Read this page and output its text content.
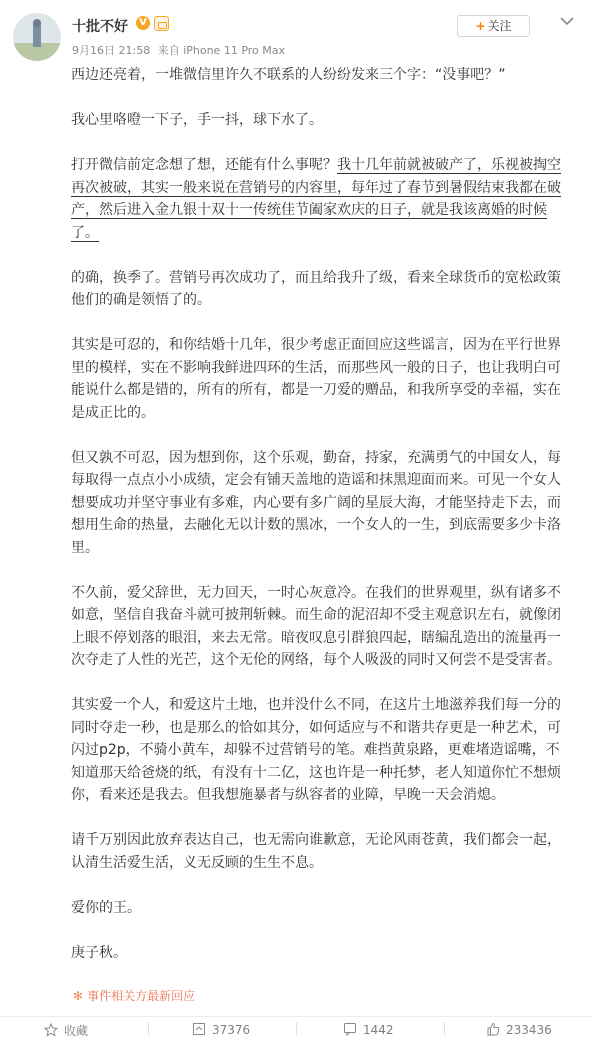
十批不好	V
9月16日 21:58 来自 iPhone 11 Pro Max
+ 关注

西边还亮着，一堆微信里许久不联系的人纷纷发来三个字：“没事吧？”

我心里咯噔一下子，手一抖，球下水了。

打开微信前定念想了想，还能有什么事呢？我十几年前就被破产了，乐视被掏空再次被破，其实一般来说在营销号的内容里，每年过了春节到暑假结束我都在破产，然后进入金九银十双十一传统佳节阖家欢庆的日子，就是我该离婚的时候了。

的确，换季了。营销号再次成功了，而且给我升了级，看来全球货币的宽松政策他们的确是领悟了的。

其实是可忍的，和你结婚十几年，很少考虑正面回应这些谣言，因为在平行世界里的模样，实在不影响我鲜进四环的生活，而那些风一般的日子，也让我明白可能说什么都是错的，所有的所有，都是一刀爱的赠品，和我所享受的幸福，实在是成正比的。

但又孰不可忍，因为想到你，这个乐观，勤奋，持家，充满勇气的中国女人，每每取得一点点小小成绩，定会有铺天盖地的造谣和抹黑迎面而来。可见一个女人想要成功并坚守事业有多难，内心要有多广阔的星辰大海，才能坚持走下去，而想用生命的热量，去融化无以计数的黑冰，一个女人的一生，到底需要多少卡洛里。

不久前，爱父辞世，无力回天，一时心灰意冷。在我们的世界观里，纵有诸多不如意，坚信自我奋斗就可披荆斩棘。而生命的泥沼却不受主观意识左右，就像闭上眼不停划落的眼泪，来去无常。暗夜叹息引群狼四起，瞎编乱造出的流量再一次夺走了人性的光芒，这个无伦的网络，每个人吸汲的同时又何尝不是受害者。

其实爱一个人，和爱这片土地，也并没什么不同，在这片土地滋养我们每一分的同时夺走一秒，也是那么的恰如其分，如何适应与不和谐共存更是一种艺术，可闪过p2p，不骑小黄车，却躲不过营销号的笔。难挡黄泉路，更难堵造谣嘴，不知道那天给爸烧的纸，有没有十二亿，这也许是一种托梦，老人知道你忙不想烦你，看来还是我去。但我想施暴者与纵容者的业障，早晚一天会消熄。

请千万别因此放弃表达自己，也无需向谁歉意，无论风雨苍黄，我们都会一起，认清生活爱生活，义无反顾的生生不息。

爱你的王。

庚子秋。

✻ 事件相关方最新回应
收藏	37376	1442	233436
